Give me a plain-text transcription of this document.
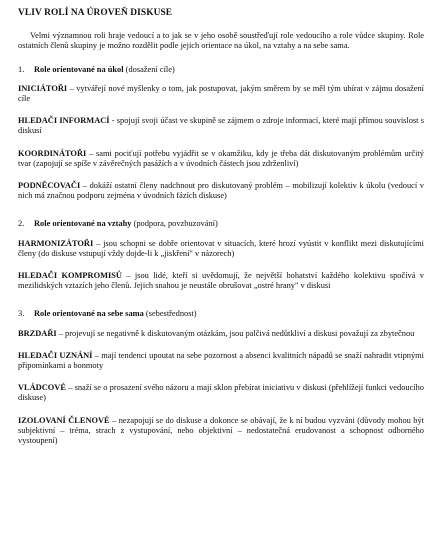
VLIV ROLÍ NA ÚROVEŇ DISKUSE
Velmi významnou roli hraje vedoucí a to jak se v jeho osobě soustřeďují role vedoucího a role vůdce skupiny. Role ostatních členů skupiny je možno rozdělit podle jejich orientace na úkol, na vztahy a na sebe sama.
1. Role orientované na úkol (dosažení cíle)
INICIÁTOŘI – vytvářejí nové myšlenky o tom, jak postupovat, jakým směrem by se měl tým ubírat v zájmu dosažení cíle
HLEDAČI INFORMACÍ - spojují svoji účast ve skupině se zájmem o zdroje informací, které mají přímou souvislost s diskusí
KOORDINÁTOŘI – sami pociťují potřebu vyjádřit se v okamžiku, kdy je třeba dát diskutovaným problémům určitý tvar (zapojují se spíše v závěrečných pasážích a v úvodních částech jsou zdrženliví)
PODNĚCOVAČI – dokáží ostatní členy nadchnout pro diskutovaný problém – mobilizují kolektiv k úkolu (vedoucí v nich má značnou podporu zejména v úvodních fázích diskuse)
2. Role orientované na vztahy (podpora, povzbuzování)
HARMONIZÁTOŘI – jsou schopni se dobře orientovat v situacích, které hrozí vyústit v konflikt mezi diskutujícími členy (do diskuse vstupují vždy dojde-li k „jiskření" v názorech)
HLEDAČI KOMPROMISŮ – jsou lidé, kteří si uvědomují, že největší bohatství každého kolektivu spočívá v mezilidských vztazích jeho členů. Jejich snahou je neustále obrušovat „ostré hrany" v diskusi
3. Role orientované na sebe sama (sebestřednost)
BRZDAŘI – projevují se negativně k diskutovaným otázkám, jsou palčivá nedůtkliví a diskusi považují za zbytečnou
HLEDAČI UZNÁNÍ – mají tendenci upoutat na sebe pozornost a absenci kvalitních nápadů se snaží nahradit vtipnými připomínkami a bonmoty
VLÁDCOVÉ – snaží se o prosazení svého názoru a mají sklon přebírat iniciativu v diskusi (přehlížejí funkci vedoucího diskuse)
IZOLOVANÍ ČLENOVÉ – nezapojují se do diskuse a dokonce se obávají, že k ní budou vyzváni (důvody mohou být subjektivní – tréma, strach z vystupování, nebo objektivní – nedostatečná erudovanost a schopnost odborného vystoupení)
